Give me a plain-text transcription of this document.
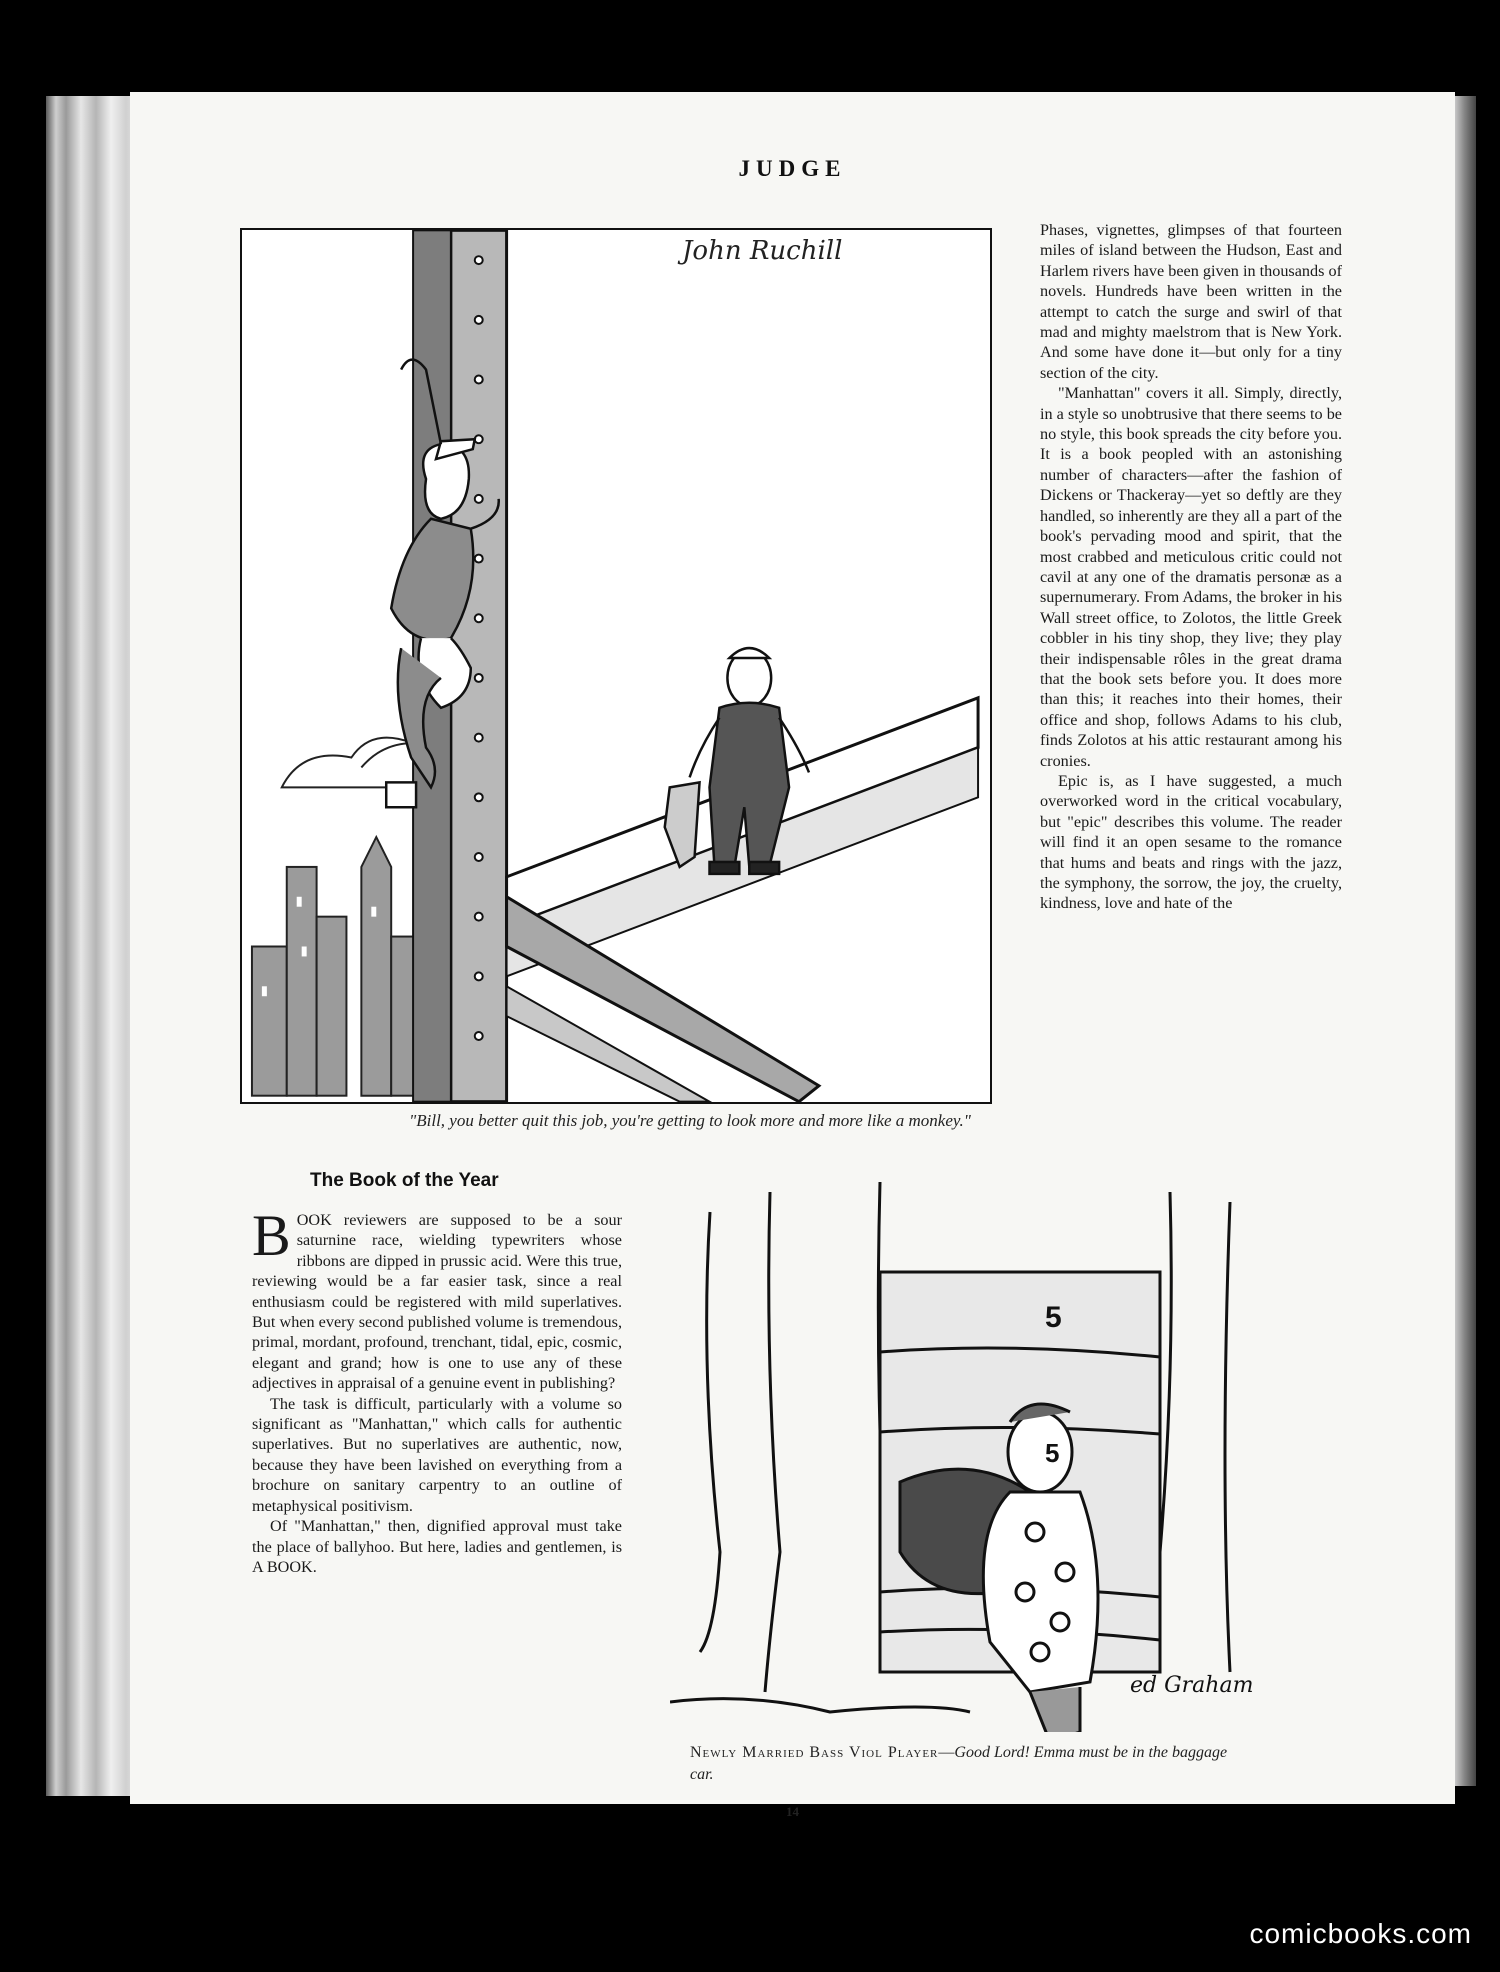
JUDGE
John Ruchill
"Bill, you better quit this job, you're getting to look more and more like a monkey."

Phases, vignettes, glimpses of that fourteen miles of island between the Hudson, East and Harlem rivers have been given in thousands of novels. Hundreds have been written in the attempt to catch the surge and swirl of that mad and mighty maelstrom that is New York. And some have done it—but only for a tiny section of the city.

"Manhattan" covers it all. Simply, directly, in a style so unobtrusive that there seems to be no style, this book spreads the city before you. It is a book peopled with an astonishing number of characters—after the fashion of Dickens or Thackeray—yet so deftly are they handled, so inherently are they all a part of the book's pervading mood and spirit, that the most crabbed and meticulous critic could not cavil at any one of the dramatis personæ as a supernumerary. From Adams, the broker in his Wall street office, to Zolotos, the little Greek cobbler in his tiny shop, they live; they play their indispensable rôles in the great drama that the book sets before you. It does more than this; it reaches into their homes, their office and shop, follows Adams to his club, finds Zolotos at his attic restaurant among his cronies.

Epic is, as I have suggested, a much overworked word in the critical vocabulary, but "epic" describes this volume. The reader will find it an open sesame to the romance that hums and beats and rings with the jazz, the symphony, the sorrow, the joy, the cruelty, kindness, love and hate of the

The Book of the Year

BOOK reviewers are supposed to be a sour saturnine race, wielding typewriters whose ribbons are dipped in prussic acid. Were this true, reviewing would be a far easier task, since a real enthusiasm could be registered with mild superlatives. But when every second published volume is tremendous, primal, mordant, profound, trenchant, tidal, epic, cosmic, elegant and grand; how is one to use any of these adjectives in appraisal of a genuine event in publishing?

The task is difficult, particularly with a volume so significant as "Manhattan," which calls for authentic superlatives. But no superlatives are authentic, now, because they have been lavished on everything from a brochure on sanitary carpentry to an outline of metaphysical positivism.

Of "Manhattan," then, dignified approval must take the place of ballyhoo. But here, ladies and gentlemen, is A BOOK.

5
5
ed Graham
Newly Married Bass Viol Player—Good Lord! Emma must be in the baggage car.
14
comicbooks.com
